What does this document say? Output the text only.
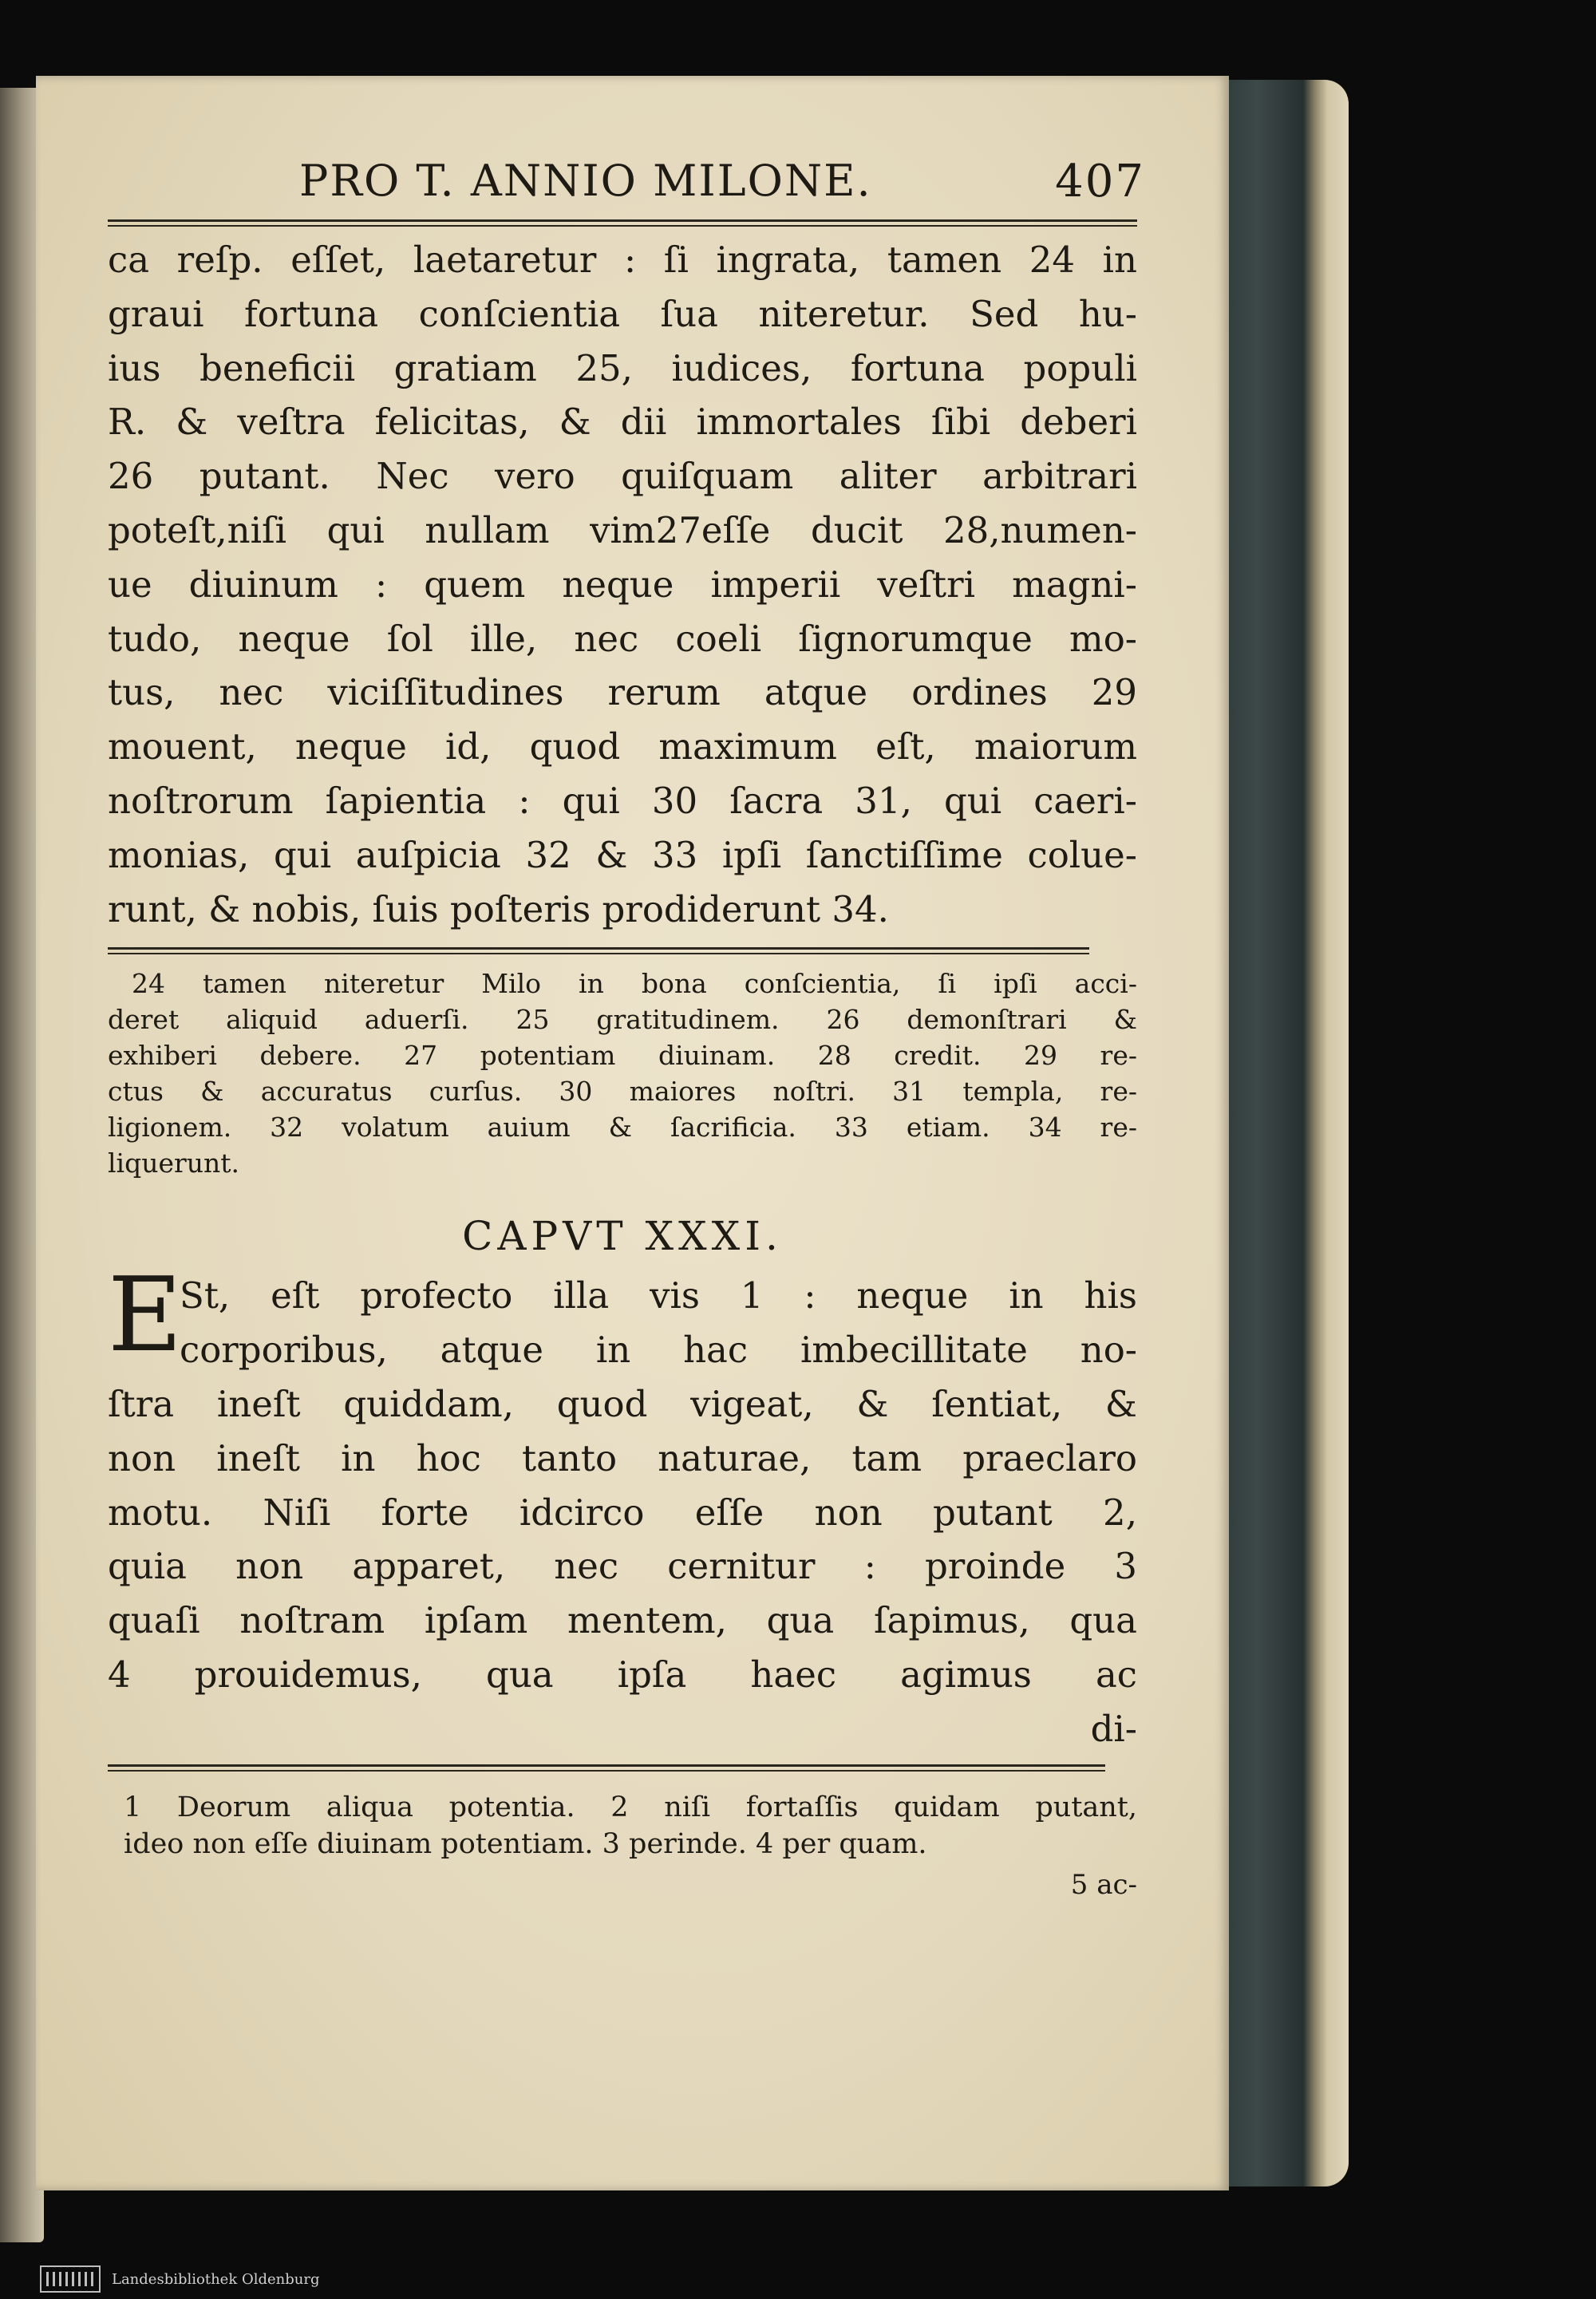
PRO T. ANNIO MILONE.	407
ca reſp. eſſet, laetaretur : ſi ingrata, tamen 24 in
graui fortuna conſcientia ſua niteretur. Sed hu-
ius beneficii gratiam 25, iudices, fortuna populi
R. & veſtra felicitas, & dii immortales ſibi deberi
26 putant. Nec vero quiſquam aliter arbitrari
poteſt,niſi qui nullam vim27eſſe ducit 28,numen-
ue diuinum : quem neque imperii veſtri magni-
tudo, neque ſol ille, nec coeli ſignorumque mo-
tus, nec viciſſitudines rerum atque ordines 29
mouent, neque id, quod maximum eſt, maiorum
noſtrorum ſapientia : qui 30 ſacra 31, qui caeri-
monias, qui auſpicia 32 & 33 ipſi ſanctiſſime colue-
runt, & nobis, ſuis poſteris prodiderunt 34.
24 tamen niteretur Milo in bona conſcientia, ſi ipſi acci-
deret aliquid aduerſi. 25 gratitudinem. 26 demonſtrari &
exhiberi debere. 27 potentiam diuinam. 28 credit. 29 re-
ctus & accuratus curſus. 30 maiores noſtri. 31 templa, re-
ligionem. 32 volatum auium & ſacrificia. 33 etiam. 34 re-
liquerunt.
CAPVT XXXI.
E
St, eſt profecto illa vis 1 : neque in his
corporibus, atque in hac imbecillitate no-
ſtra ineſt quiddam, quod vigeat, & ſentiat, &
non ineſt in hoc tanto naturae, tam praeclaro
motu. Niſi forte idcirco eſſe non putant 2,
quia non apparet, nec cernitur : proinde 3
quaſi noſtram ipſam mentem, qua ſapimus, qua
4 prouidemus, qua ipſa haec agimus ac
di-
1 Deorum aliqua potentia. 2 niſi fortaſſis quidam putant,
ideo non eſſe diuinam potentiam. 3 perinde. 4 per quam.
5 ac-
Landesbibliothek Oldenburg
